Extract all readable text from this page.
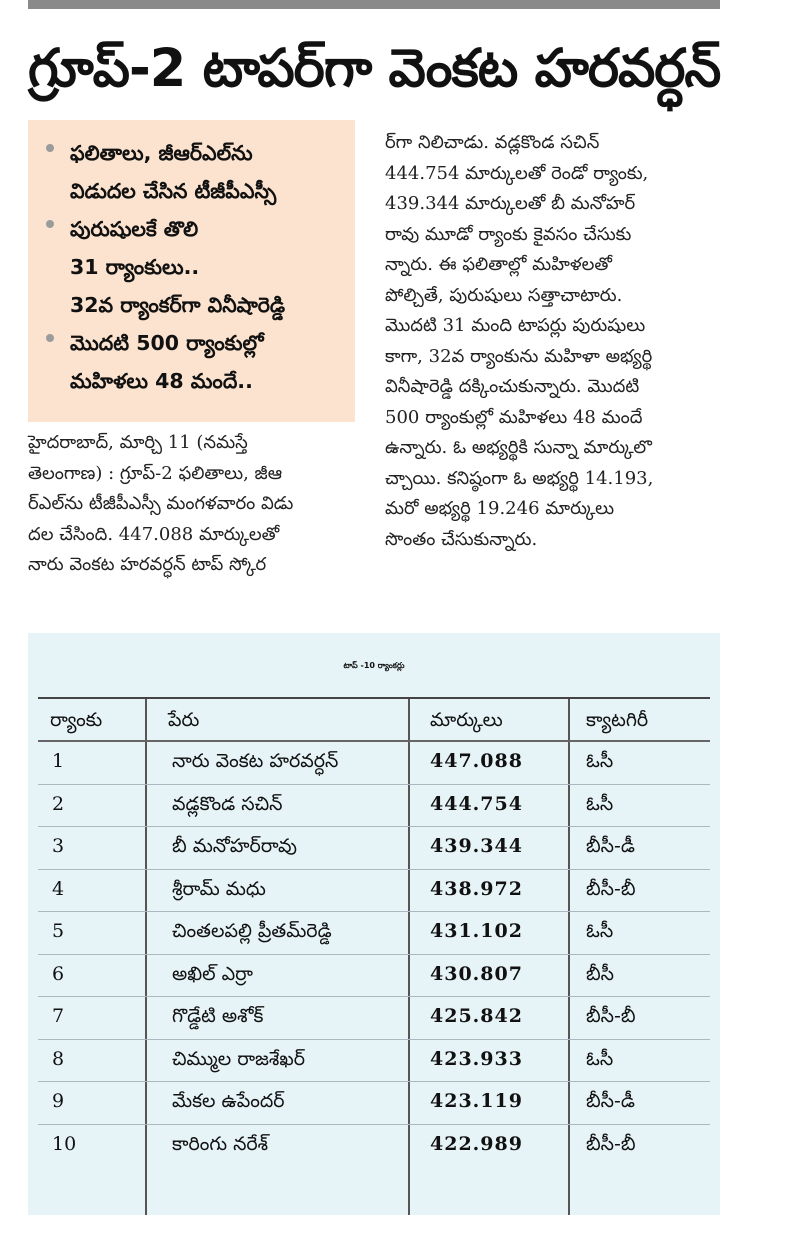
గ్రూప్-2 టాపర్‌గా వెంకట హరవర్ధన్
ఫలితాలు, జీఆర్ఎల్‌ను
విడుదల చేసిన టీజీపీఎస్సీ
పురుషులకే తొలి
31 ర్యాంకులు..
32వ ర్యాంకర్‌గా వినీషారెడ్డి
మొదటి 500 ర్యాంకుల్లో
మహిళలు 48 మందే..
హైదరాబాద్, మార్చి 11 (నమస్తే
తెలంగాణ) : గ్రూప్-2 ఫలితాలు, జీఆ
ర్ఎల్‌ను టీజీపీఎస్సీ మంగళవారం విడు
దల చేసింది. 447.088 మార్కులతో
నారు వెంకట హరవర్ధన్ టాప్ స్కోర
ర్‌గా నిలిచాడు. వడ్లకొండ సచిన్
444.754 మార్కులతో రెండో ర్యాంకు,
439.344 మార్కులతో బీ మనోహర్
రావు మూడో ర్యాంకు కైవసం చేసుకు
న్నారు. ఈ ఫలితాల్లో మహిళలతో
పోల్చితే, పురుషులు సత్తాచాటారు.
మొదటి 31 మంది టాపర్లు పురుషులు
కాగా, 32వ ర్యాంకును మహిళా అభ్యర్థి
వినీషారెడ్డి దక్కించుకున్నారు. మొదటి
500 ర్యాంకుల్లో మహిళలు 48 మందే
ఉన్నారు. ఓ అభ్యర్థికి సున్నా మార్కులొ
చ్చాయి. కనిష్ఠంగా ఓ అభ్యర్థి 14.193,
మరో అభ్యర్థి 19.246 మార్కులు
సొంతం చేసుకున్నారు.
టాప్ -10 ర్యాంకర్లు
ర్యాంకు	పేరు	మార్కులు	క్యాటగిరీ
1	నారు వెంకట హరవర్ధన్	447.088	ఓసీ
2	వడ్లకొండ సచిన్	444.754	ఓసీ
3	బీ మనోహర్‌రావు	439.344	బీసీ-డీ
4	శ్రీరామ్ మధు	438.972	బీసీ-బీ
5	చింతలపల్లి ప్రీతమ్‌రెడ్డి	431.102	ఓసీ
6	అఖిల్ ఎర్రా	430.807	బీసీ
7	గొడ్డేటి అశోక్	425.842	బీసీ-బీ
8	చిమ్ముల రాజశేఖర్	423.933	ఓసీ
9	మేకల ఉపేందర్	423.119	బీసీ-డీ
10	కారింగు నరేశ్	422.989	బీసీ-బీ
